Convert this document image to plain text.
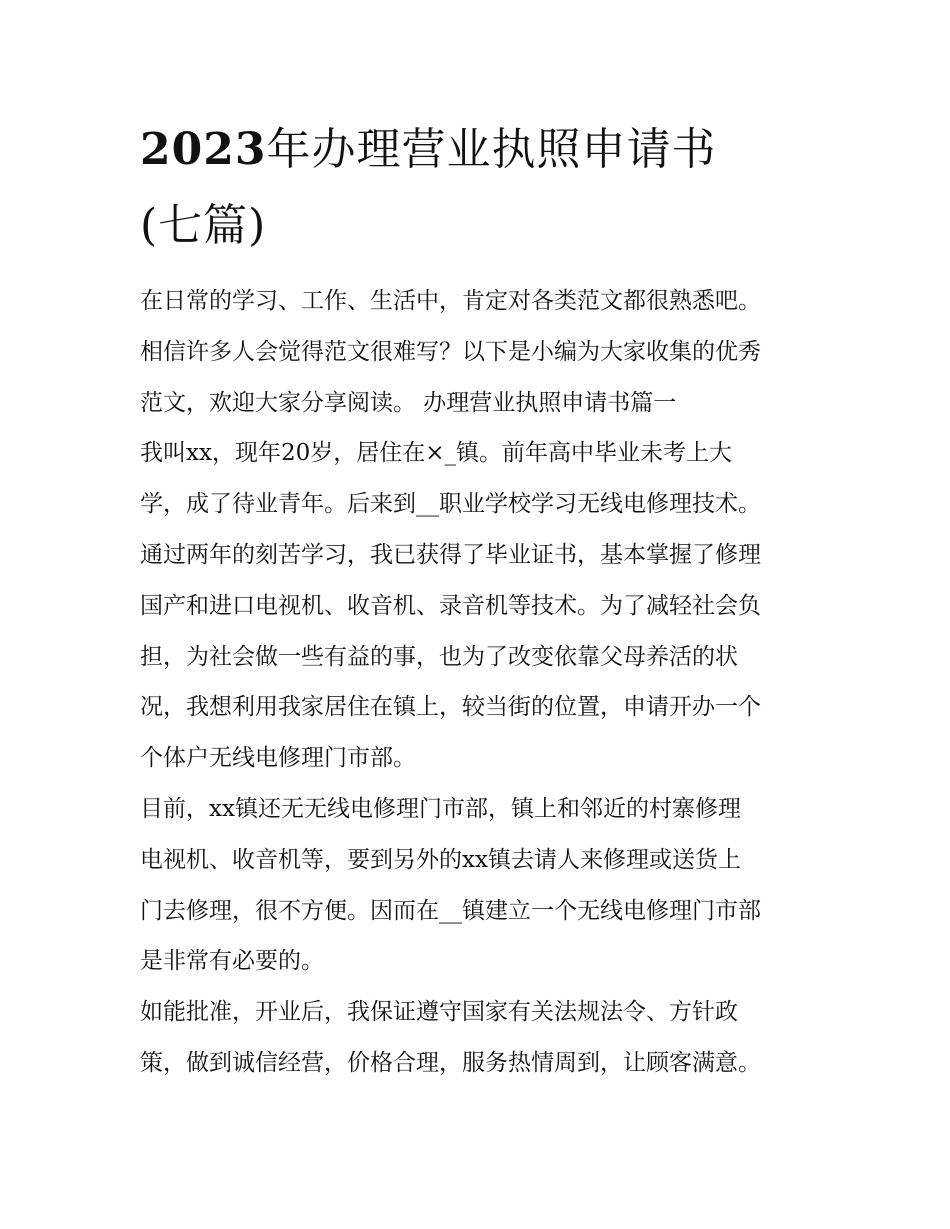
2023年办理营业执照申请书
(七篇)
在日常的学习、工作、生活中，肯定对各类范文都很熟悉吧。
相信许多人会觉得范文很难写？以下是小编为大家收集的优秀
范文，欢迎大家分享阅读。 办理营业执照申请书篇一
我叫xx，现年20岁，居住在×_镇。前年高中毕业未考上大
学，成了待业青年。后来到__职业学校学习无线电修理技术。
通过两年的刻苦学习，我已获得了毕业证书，基本掌握了修理
国产和进口电视机、收音机、录音机等技术。为了减轻社会负
担，为社会做一些有益的事，也为了改变依靠父母养活的状
况，我想利用我家居住在镇上，较当街的位置，申请开办一个
个体户无线电修理门市部。
目前，xx镇还无无线电修理门市部，镇上和邻近的村寨修理
电视机、收音机等，要到另外的xx镇去请人来修理或送货上
门去修理，很不方便。因而在__镇建立一个无线电修理门市部
是非常有必要的。
如能批准，开业后，我保证遵守国家有关法规法令、方针政
策，做到诚信经营，价格合理，服务热情周到，让顾客满意。
